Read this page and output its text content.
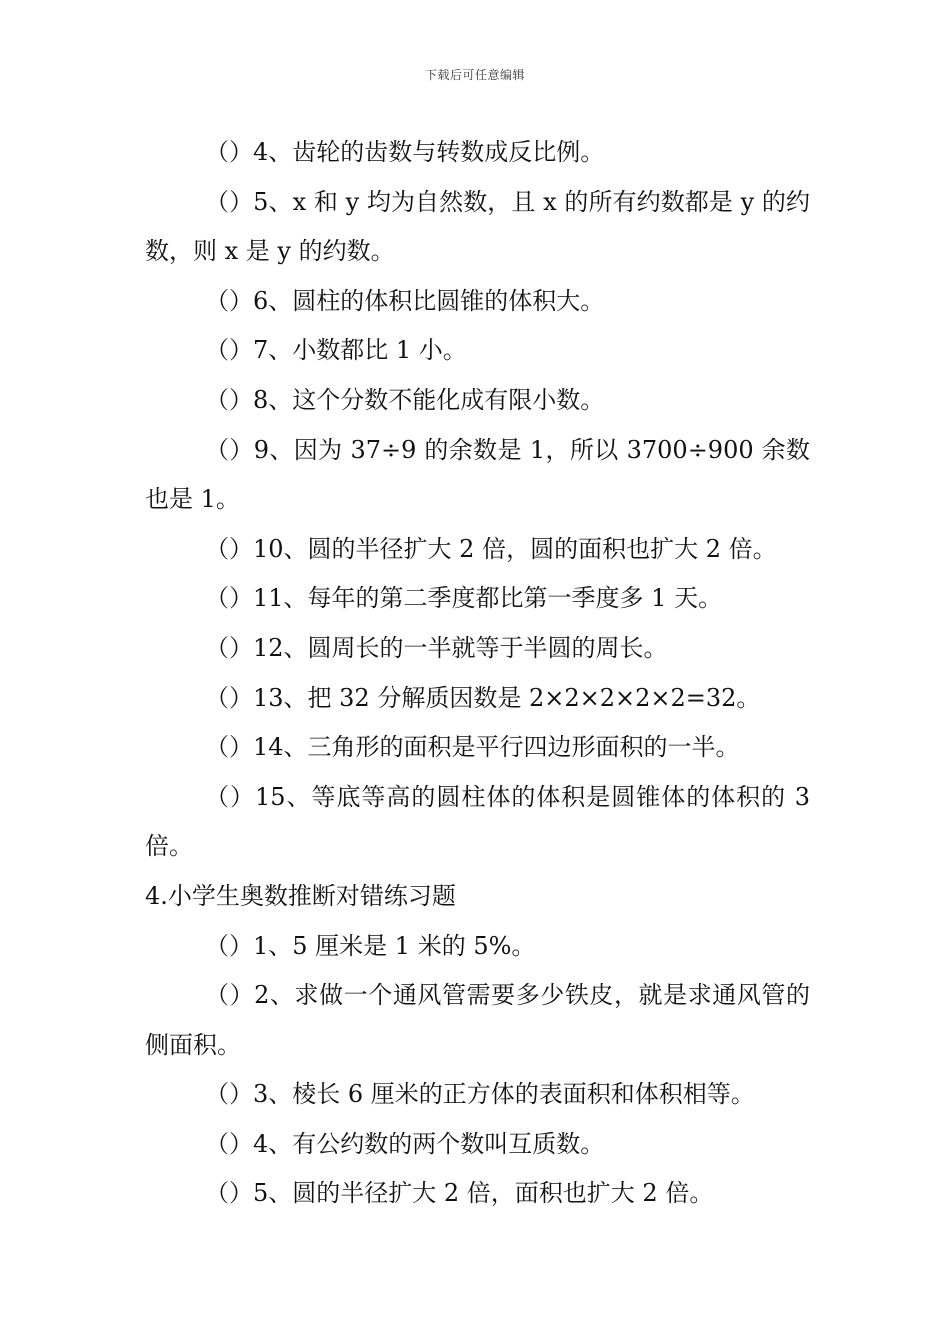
下载后可任意编辑

（）4、齿轮的齿数与转数成反比例。

（）5、x 和 y 均为自然数，且 x 的所有约数都是 y 的约数，则 x 是 y 的约数。

（）6、圆柱的体积比圆锥的体积大。

（）7、小数都比 1 小。

（）8、这个分数不能化成有限小数。

（）9、因为 37÷9 的余数是 1，所以 3700÷900 余数也是 1。

（）10、圆的半径扩大 2 倍，圆的面积也扩大 2 倍。

（）11、每年的第二季度都比第一季度多 1 天。

（）12、圆周长的一半就等于半圆的周长。

（）13、把 32 分解质因数是 2×2×2×2×2=32。

（）14、三角形的面积是平行四边形面积的一半。

（）15、等底等高的圆柱体的体积是圆锥体的体积的 3 倍。

4.小学生奥数推断对错练习题

（）1、5 厘米是 1 米的 5%。

（）2、求做一个通风管需要多少铁皮，就是求通风管的侧面积。

（）3、棱长 6 厘米的正方体的表面积和体积相等。

（）4、有公约数的两个数叫互质数。

（）5、圆的半径扩大 2 倍，面积也扩大 2 倍。
